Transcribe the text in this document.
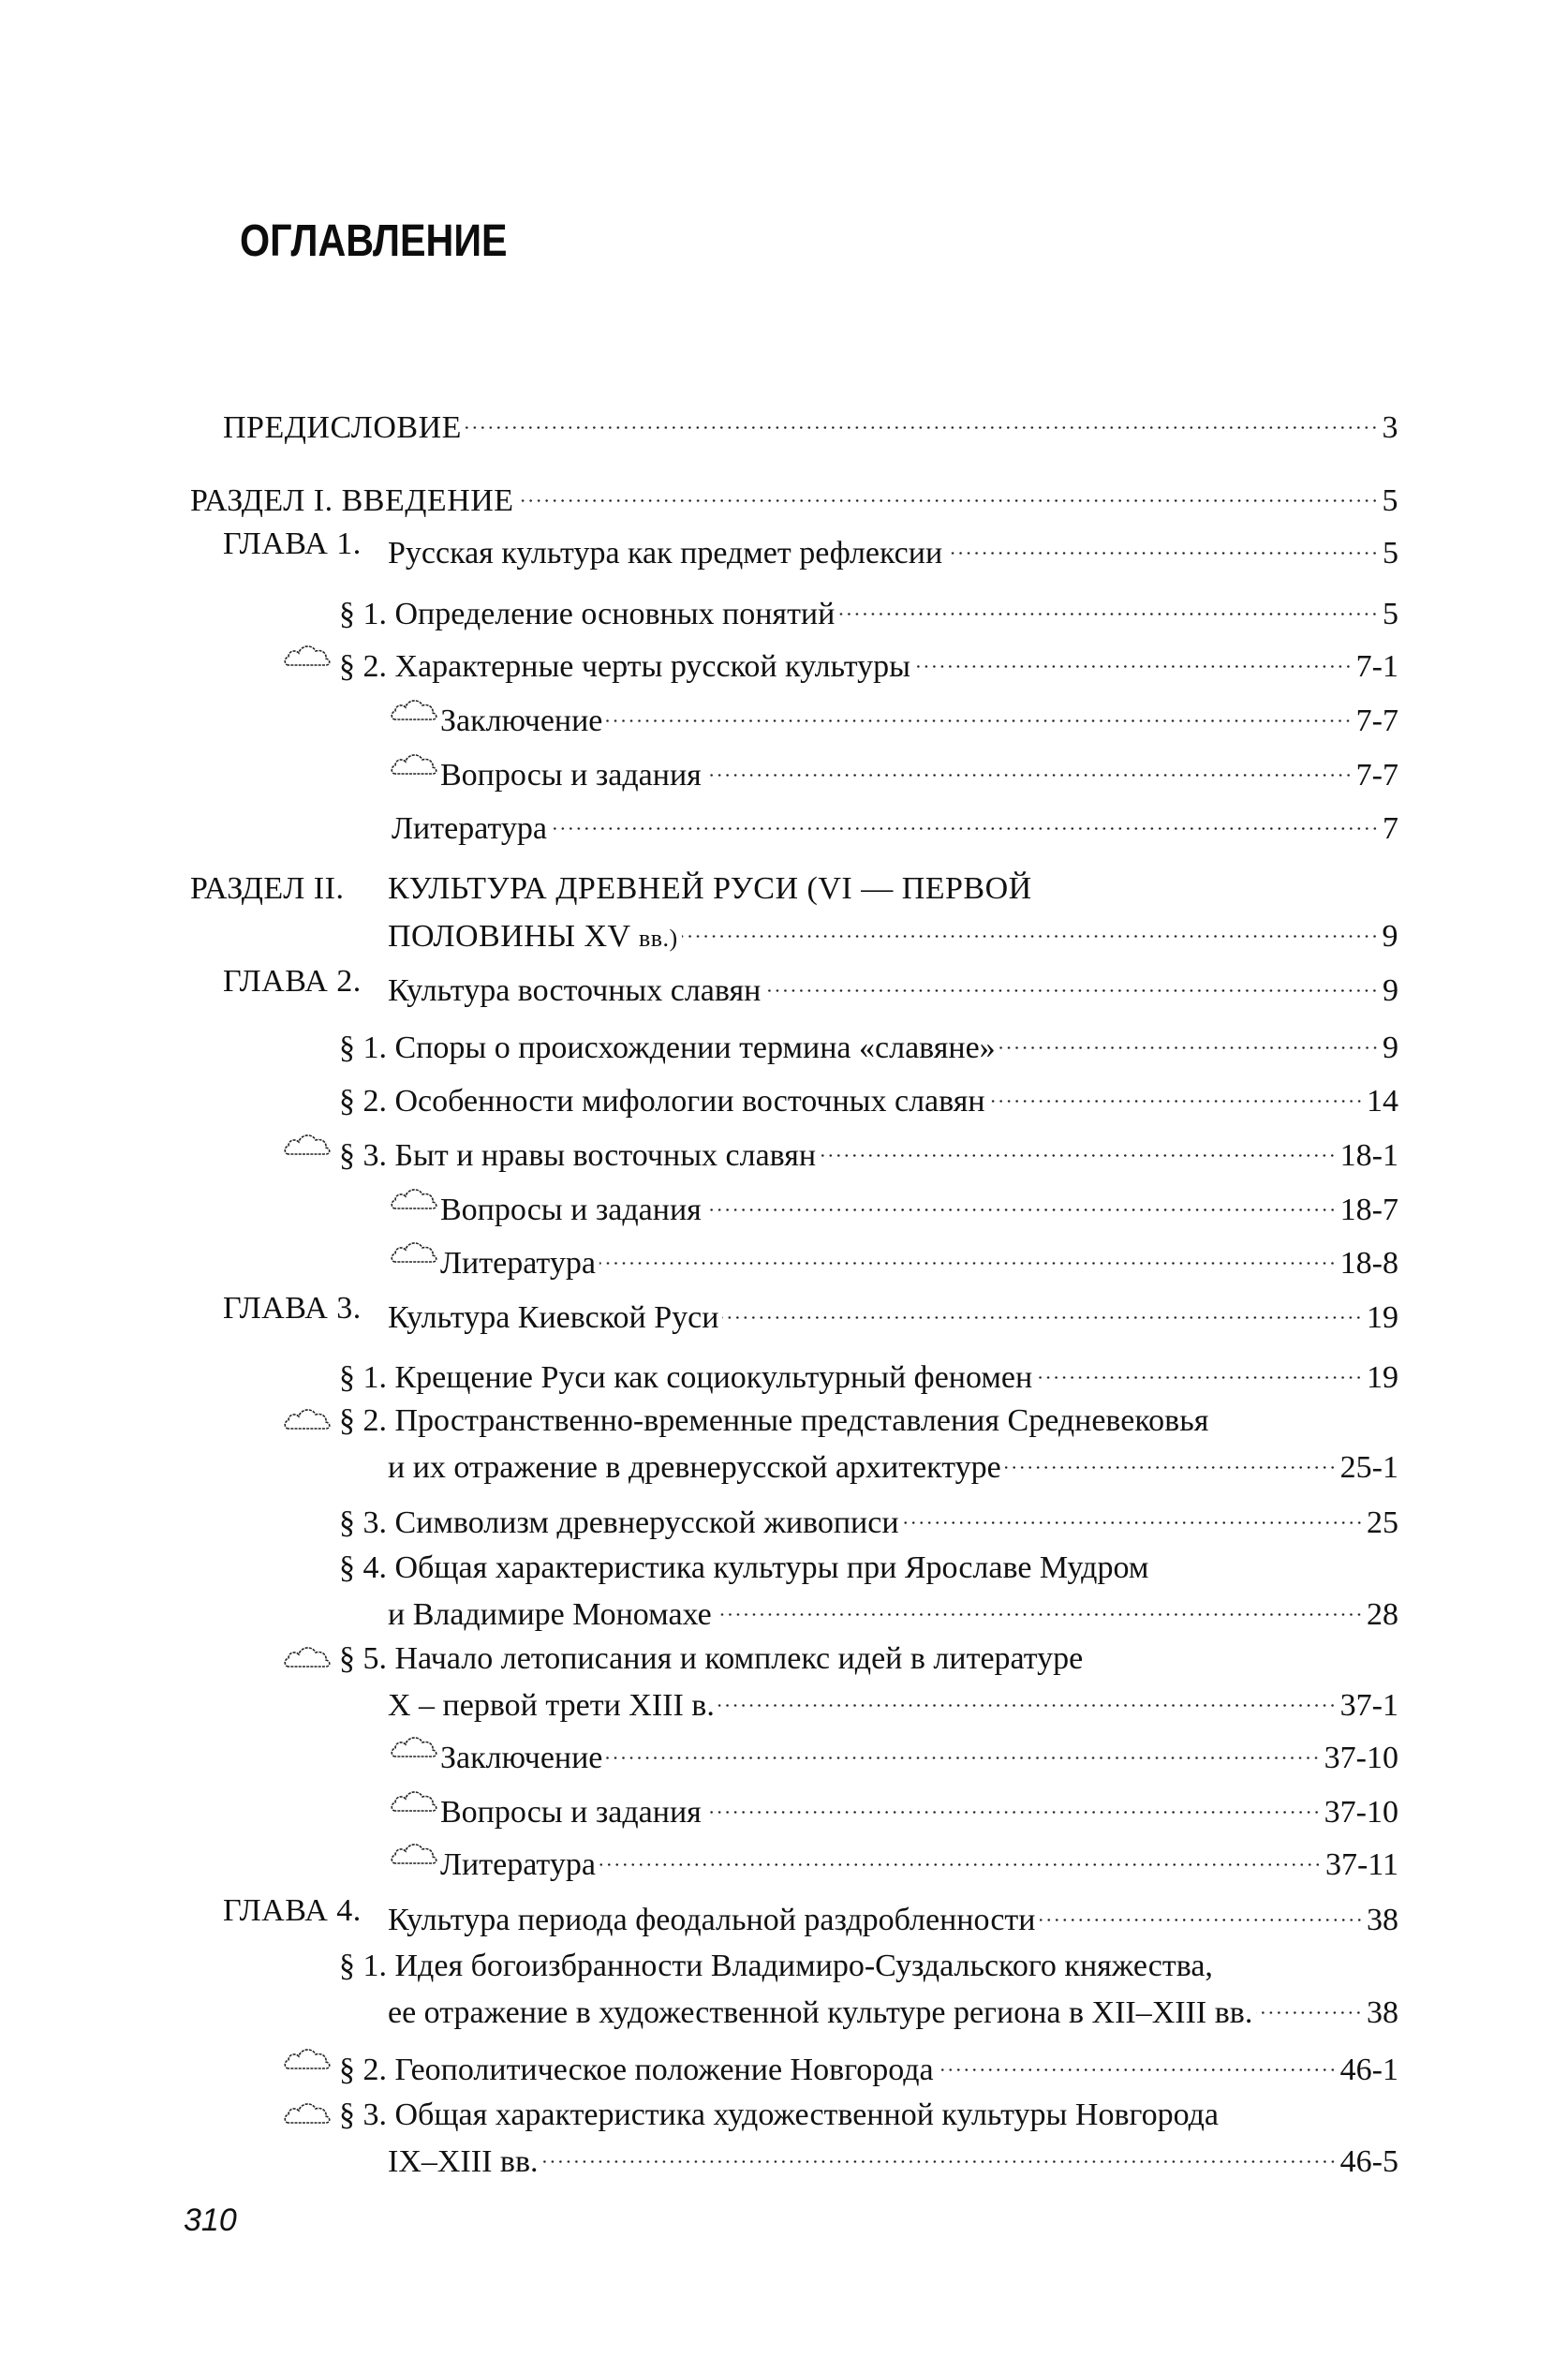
ОГЛАВЛЕНИЕ
ПРЕДИСЛОВИЕ	3
РАЗДЕЛ I. ВВЕДЕНИЕ	5
ГЛАВА 1. Русская культура как предмет рефлексии	5
§ 1. Определение основных понятий	5
§ 2. Характерные черты русской культуры	7-1
Заключение	7-7
Вопросы и задания	7-7
Литература	7
РАЗДЕЛ II. КУЛЬТУРА ДРЕВНЕЙ РУСИ (VI — ПЕРВОЙ
ПОЛОВИНЫ XV вв.)	9
ГЛАВА 2. Культура восточных славян	9
§ 1. Споры о происхождении термина «славяне»	9
§ 2. Особенности мифологии восточных славян	14
§ 3. Быт и нравы восточных славян	18-1
Вопросы и задания	18-7
Литература	18-8
ГЛАВА 3. Культура Киевской Руси	19
§ 1. Крещение Руси как социокультурный феномен	19
§ 2. Пространственно-временные представления Средневековья
и их отражение в древнерусской архитектуре	25-1
§ 3. Символизм древнерусской живописи	25
§ 4. Общая характеристика культуры при Ярославе Мудром
и Владимире Мономахе	28
§ 5. Начало летописания и комплекс идей в литературе
X – первой трети XIII в.	37-1
Заключение	37-10
Вопросы и задания	37-10
Литература	37-11
ГЛАВА 4. Культура периода феодальной раздробленности	38
§ 1. Идея богоизбранности Владимиро-Суздальского княжества,
ее отражение в художественной культуре региона в XII–XIII вв.	38
§ 2. Геополитическое положение Новгорода	46-1
§ 3. Общая характеристика художественной культуры Новгорода
IX–XIII вв.	46-5
310
